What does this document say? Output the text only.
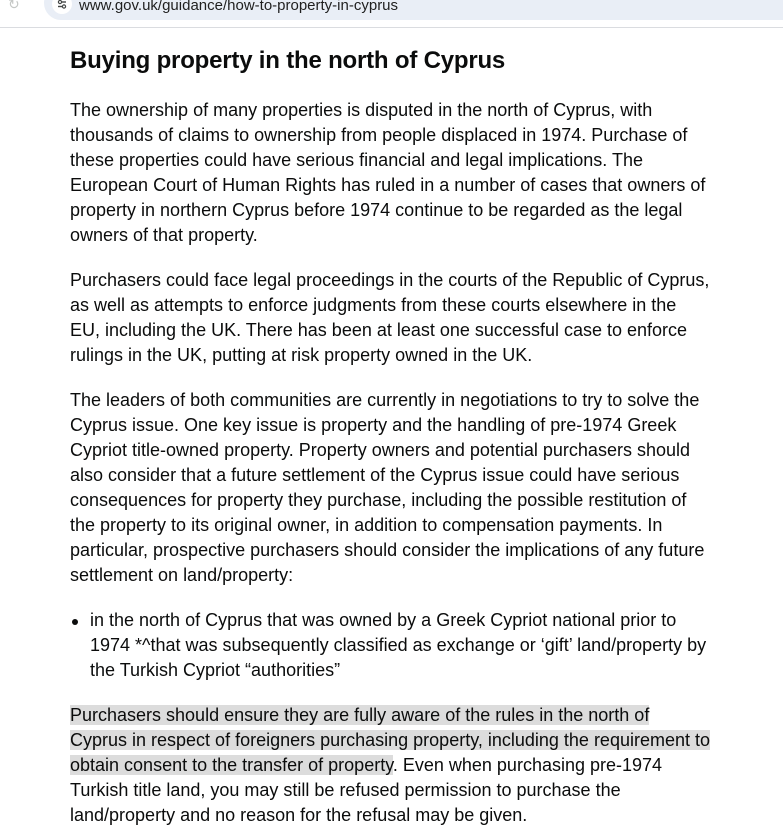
↻	www.gov.uk/guidance/how-to-property-in-cyprus
Buying property in the north of Cyprus

The ownership of many properties is disputed in the north of Cyprus, with thousands of claims to ownership from people displaced in 1974. Purchase of these properties could have serious financial and legal implications. The European Court of Human Rights has ruled in a number of cases that owners of property in northern Cyprus before 1974 continue to be regarded as the legal owners of that property.

Purchasers could face legal proceedings in the courts of the Republic of Cyprus, as well as attempts to enforce judgments from these courts elsewhere in the EU, including the UK. There has been at least one successful case to enforce rulings in the UK, putting at risk property owned in the UK.

The leaders of both communities are currently in negotiations to try to solve the Cyprus issue. One key issue is property and the handling of pre-1974 Greek Cypriot title-owned property. Property owners and potential purchasers should also consider that a future settlement of the Cyprus issue could have serious consequences for property they purchase, including the possible restitution of the property to its original owner, in addition to compensation payments. In particular, prospective purchasers should consider the implications of any future settlement on land/property:

in the north of Cyprus that was owned by a Greek Cypriot national prior to 1974 *^that was subsequently classified as exchange or ‘gift’ land/property by the Turkish Cypriot “authorities”

Purchasers should ensure they are fully aware of the rules in the north of Cyprus in respect of foreigners purchasing property, including the requirement to obtain consent to the transfer of property. Even when purchasing pre-1974 Turkish title land, you may still be refused permission to purchase the land/property and no reason for the refusal may be given.
